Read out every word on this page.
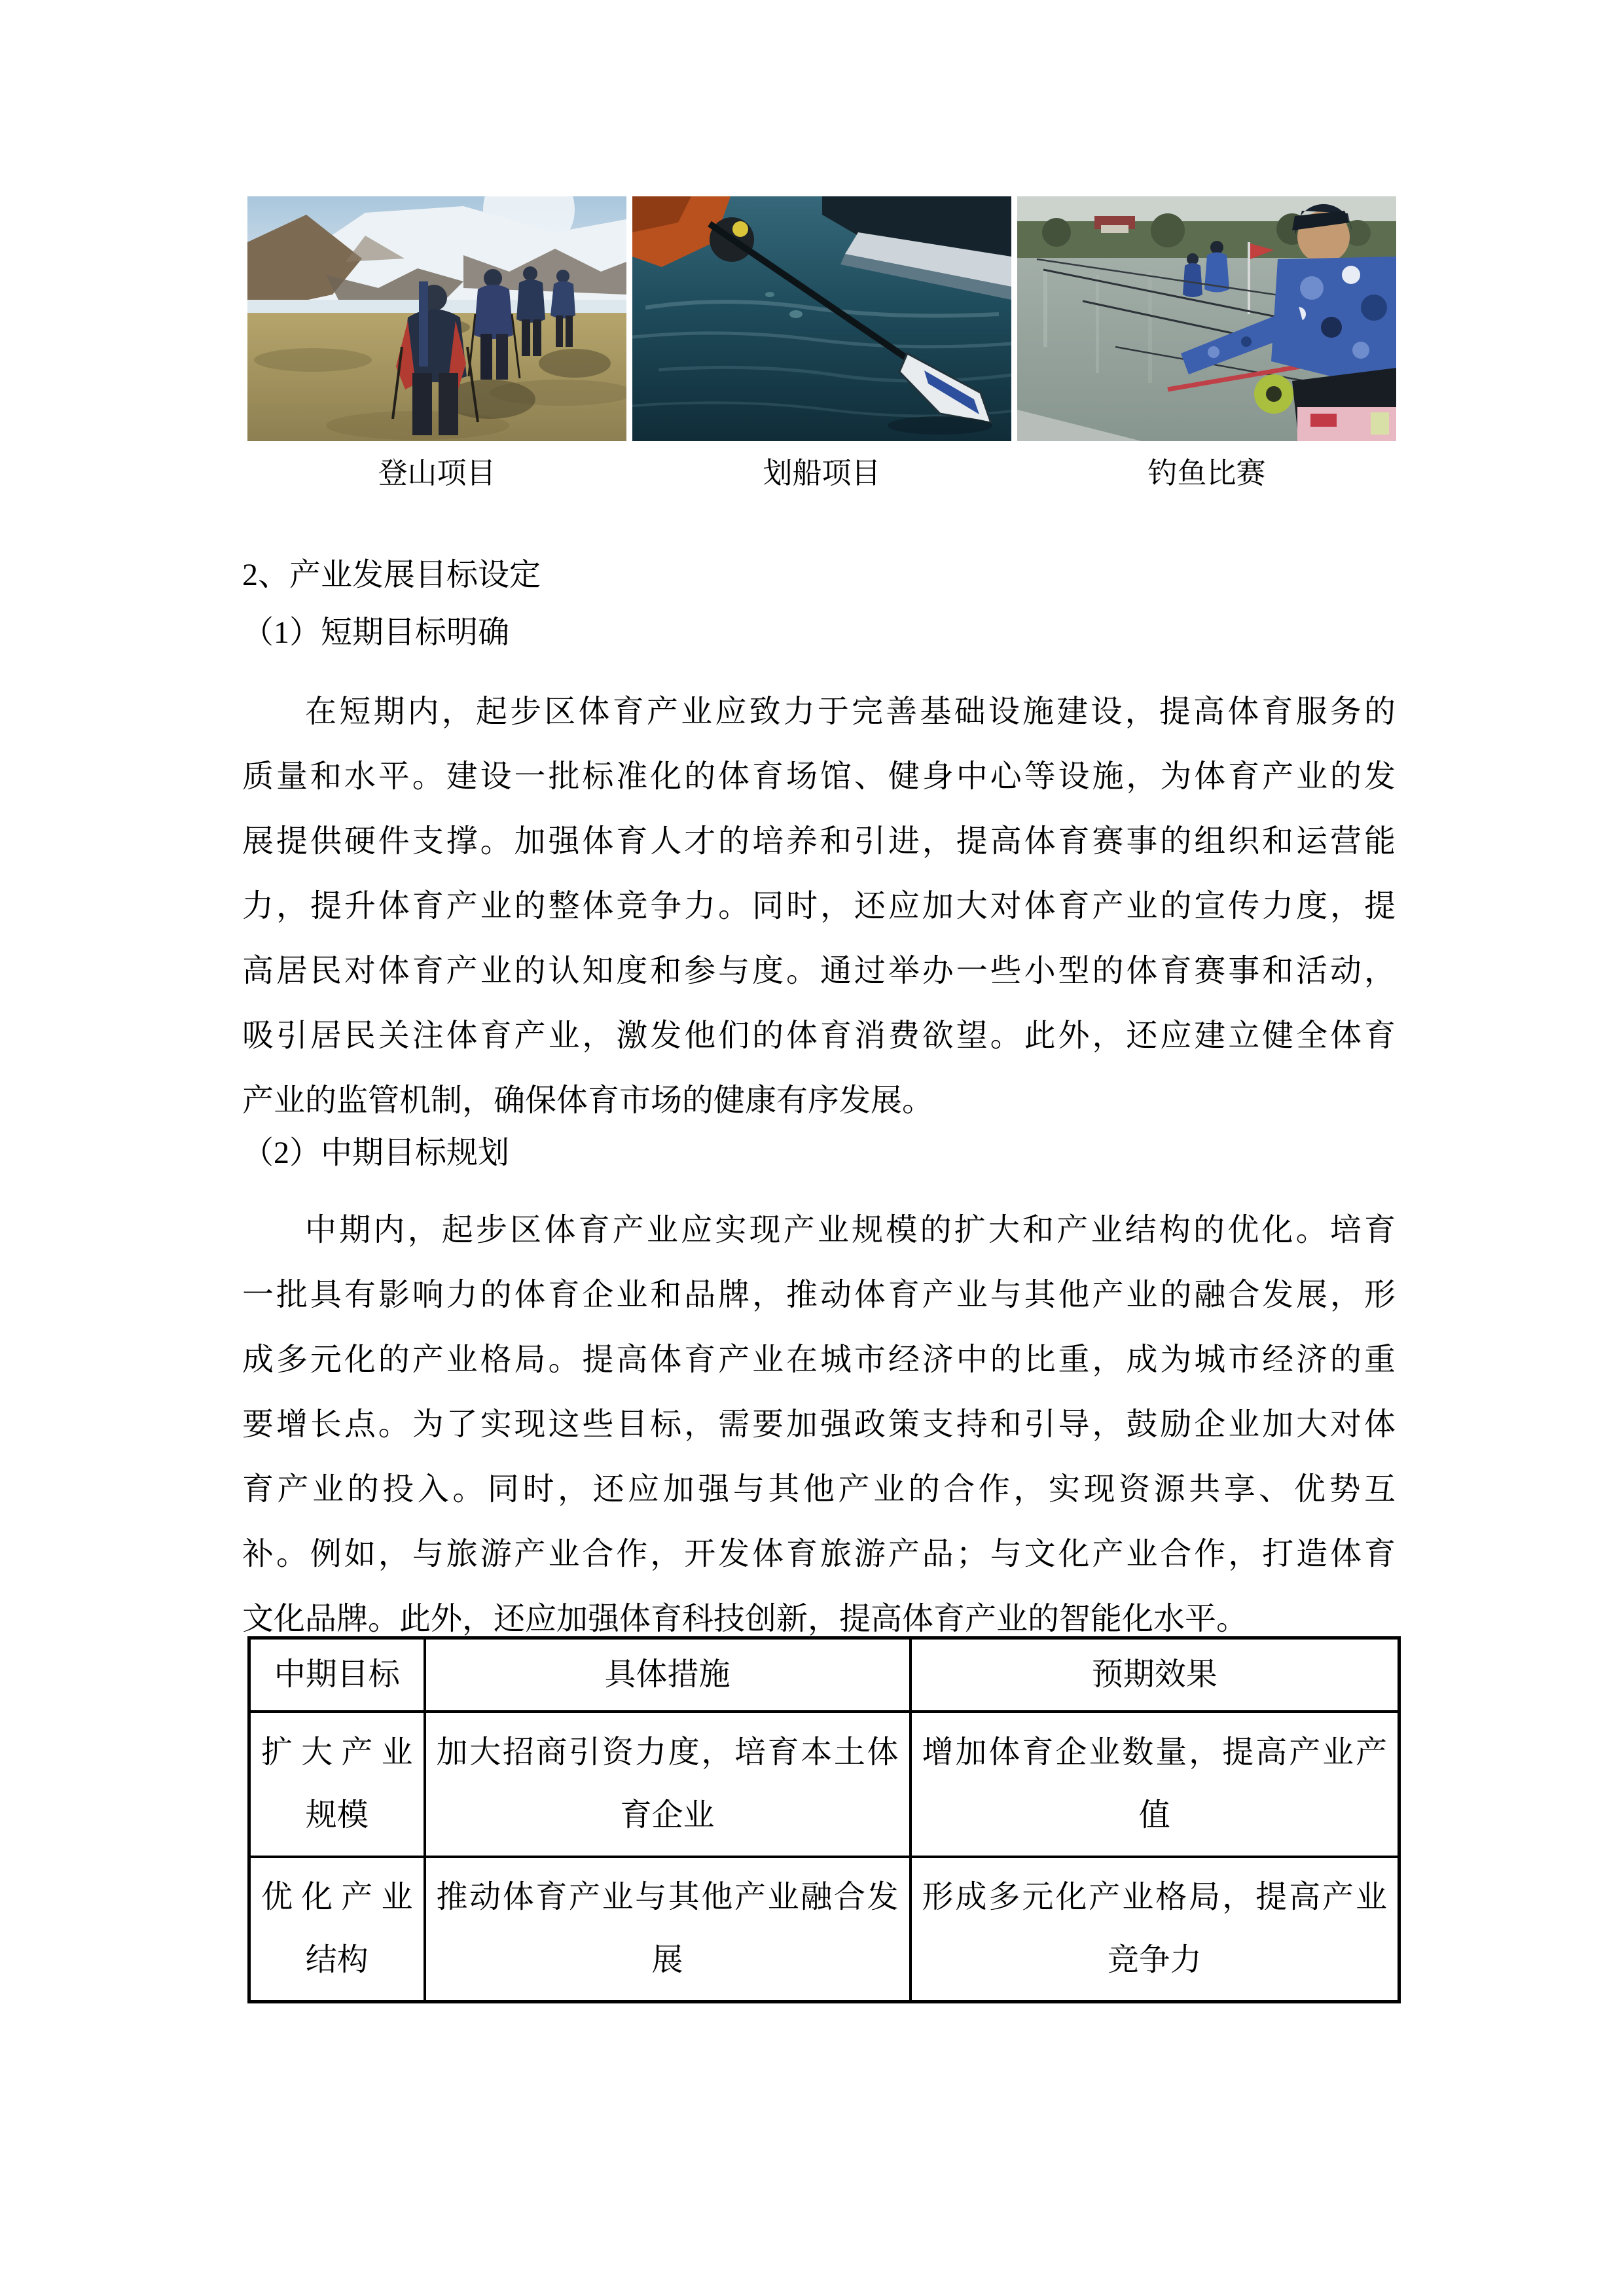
登山项目	划船项目	钓鱼比赛
2、产业发展目标设定
（1）短期目标明确
在短期内，起步区体育产业应致力于完善基础设施建设，提高体育服务的
质量和水平。建设一批标准化的体育场馆、健身中心等设施，为体育产业的发
展提供硬件支撑。加强体育人才的培养和引进，提高体育赛事的组织和运营能
力，提升体育产业的整体竞争力。同时，还应加大对体育产业的宣传力度，提
高居民对体育产业的认知度和参与度。通过举办一些小型的体育赛事和活动，
吸引居民关注体育产业，激发他们的体育消费欲望。此外，还应建立健全体育
产业的监管机制，确保体育市场的健康有序发展。
（2）中期目标规划
中期内，起步区体育产业应实现产业规模的扩大和产业结构的优化。培育
一批具有影响力的体育企业和品牌，推动体育产业与其他产业的融合发展，形
成多元化的产业格局。提高体育产业在城市经济中的比重，成为城市经济的重
要增长点。为了实现这些目标，需要加强政策支持和引导，鼓励企业加大对体
育产业的投入。同时，还应加强与其他产业的合作，实现资源共享、优势互
补。例如，与旅游产业合作，开发体育旅游产品；与文化产业合作，打造体育
文化品牌。此外，还应加强体育科技创新，提高体育产业的智能化水平。
中期目标	具体措施	预期效果
扩大产业规模	加大招商引资力度，培育本土体育企业	增加体育企业数量，提高产业产值
优化产业结构	推动体育产业与其他产业融合发展	形成多元化产业格局，提高产业竞争力
